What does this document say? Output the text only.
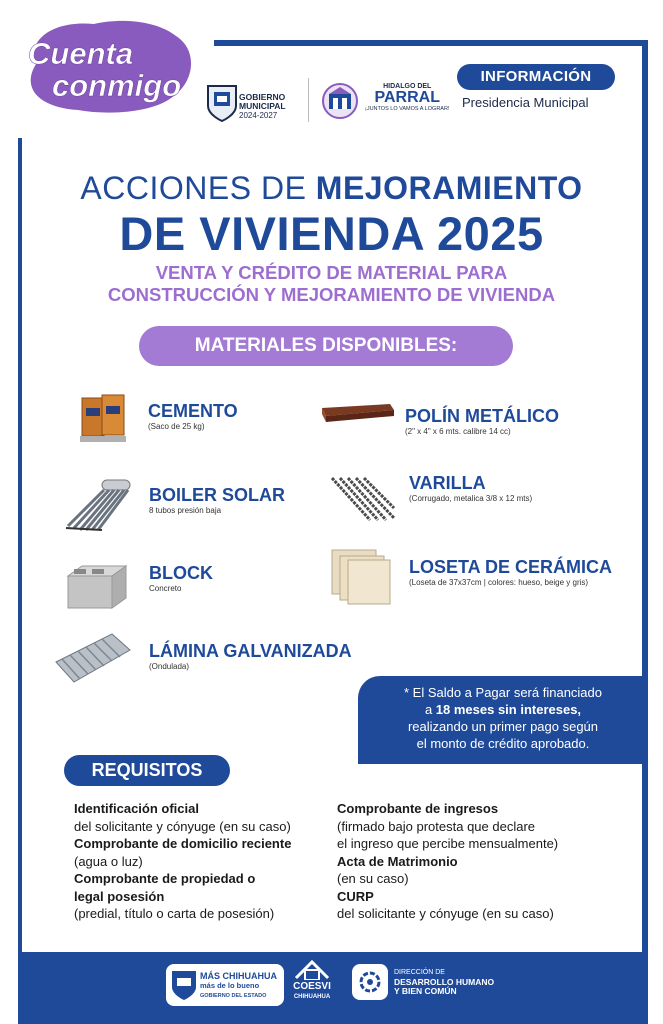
Cuenta
conmigo	GOBIERNO
MUNICIPAL
2024-2027
HIDALGO DEL
PARRAL
¡JUNTOS LO VAMOS A LOGRAR!
INFORMACIÓN
Presidencia Municipal
ACCIONES DE MEJORAMIENTO
DE VIVIENDA 2025
VENTA Y CRÉDITO DE MATERIAL PARA
CONSTRUCCIÓN Y MEJORAMIENTO DE VIVIENDA
MATERIALES DISPONIBLES:
CEMENTO
(Saco de 25 kg)
POLÍN METÁLICO
(2" x 4" x 6 mts. calibre 14 cc)
BOILER SOLAR
8 tubos presión baja
VARILLA
(Corrugado, metalica 3/8 x 12 mts)
BLOCK
Concreto
LOSETA DE CERÁMICA
(Loseta de 37x37cm | colores: hueso, beige y gris)
LÁMINA GALVANIZADA
(Ondulada)
* El Saldo a Pagar será financiado
a 18 meses sin intereses,
realizando un primer pago según
el monto de crédito aprobado.
REQUISITOS
Identificación oficial
del solicitante y cónyuge (en su caso)
Comprobante de domicilio reciente
(agua o luz)
Comprobante de propiedad o
legal posesión
(predial, título o carta de posesión)
Comprobante de ingresos
(firmado bajo protesta que declare
el ingreso que percibe mensualmente)
Acta de Matrimonio
(en su caso)
CURP
del solicitante y cónyuge (en su caso)
MÁS CHIHUAHUA
más de lo bueno
GOBIERNO DEL ESTADO
COESVI
CHIHUAHUA
DIRECCIÓN DE
DESARROLLO HUMANO
Y BIEN COMÚN
